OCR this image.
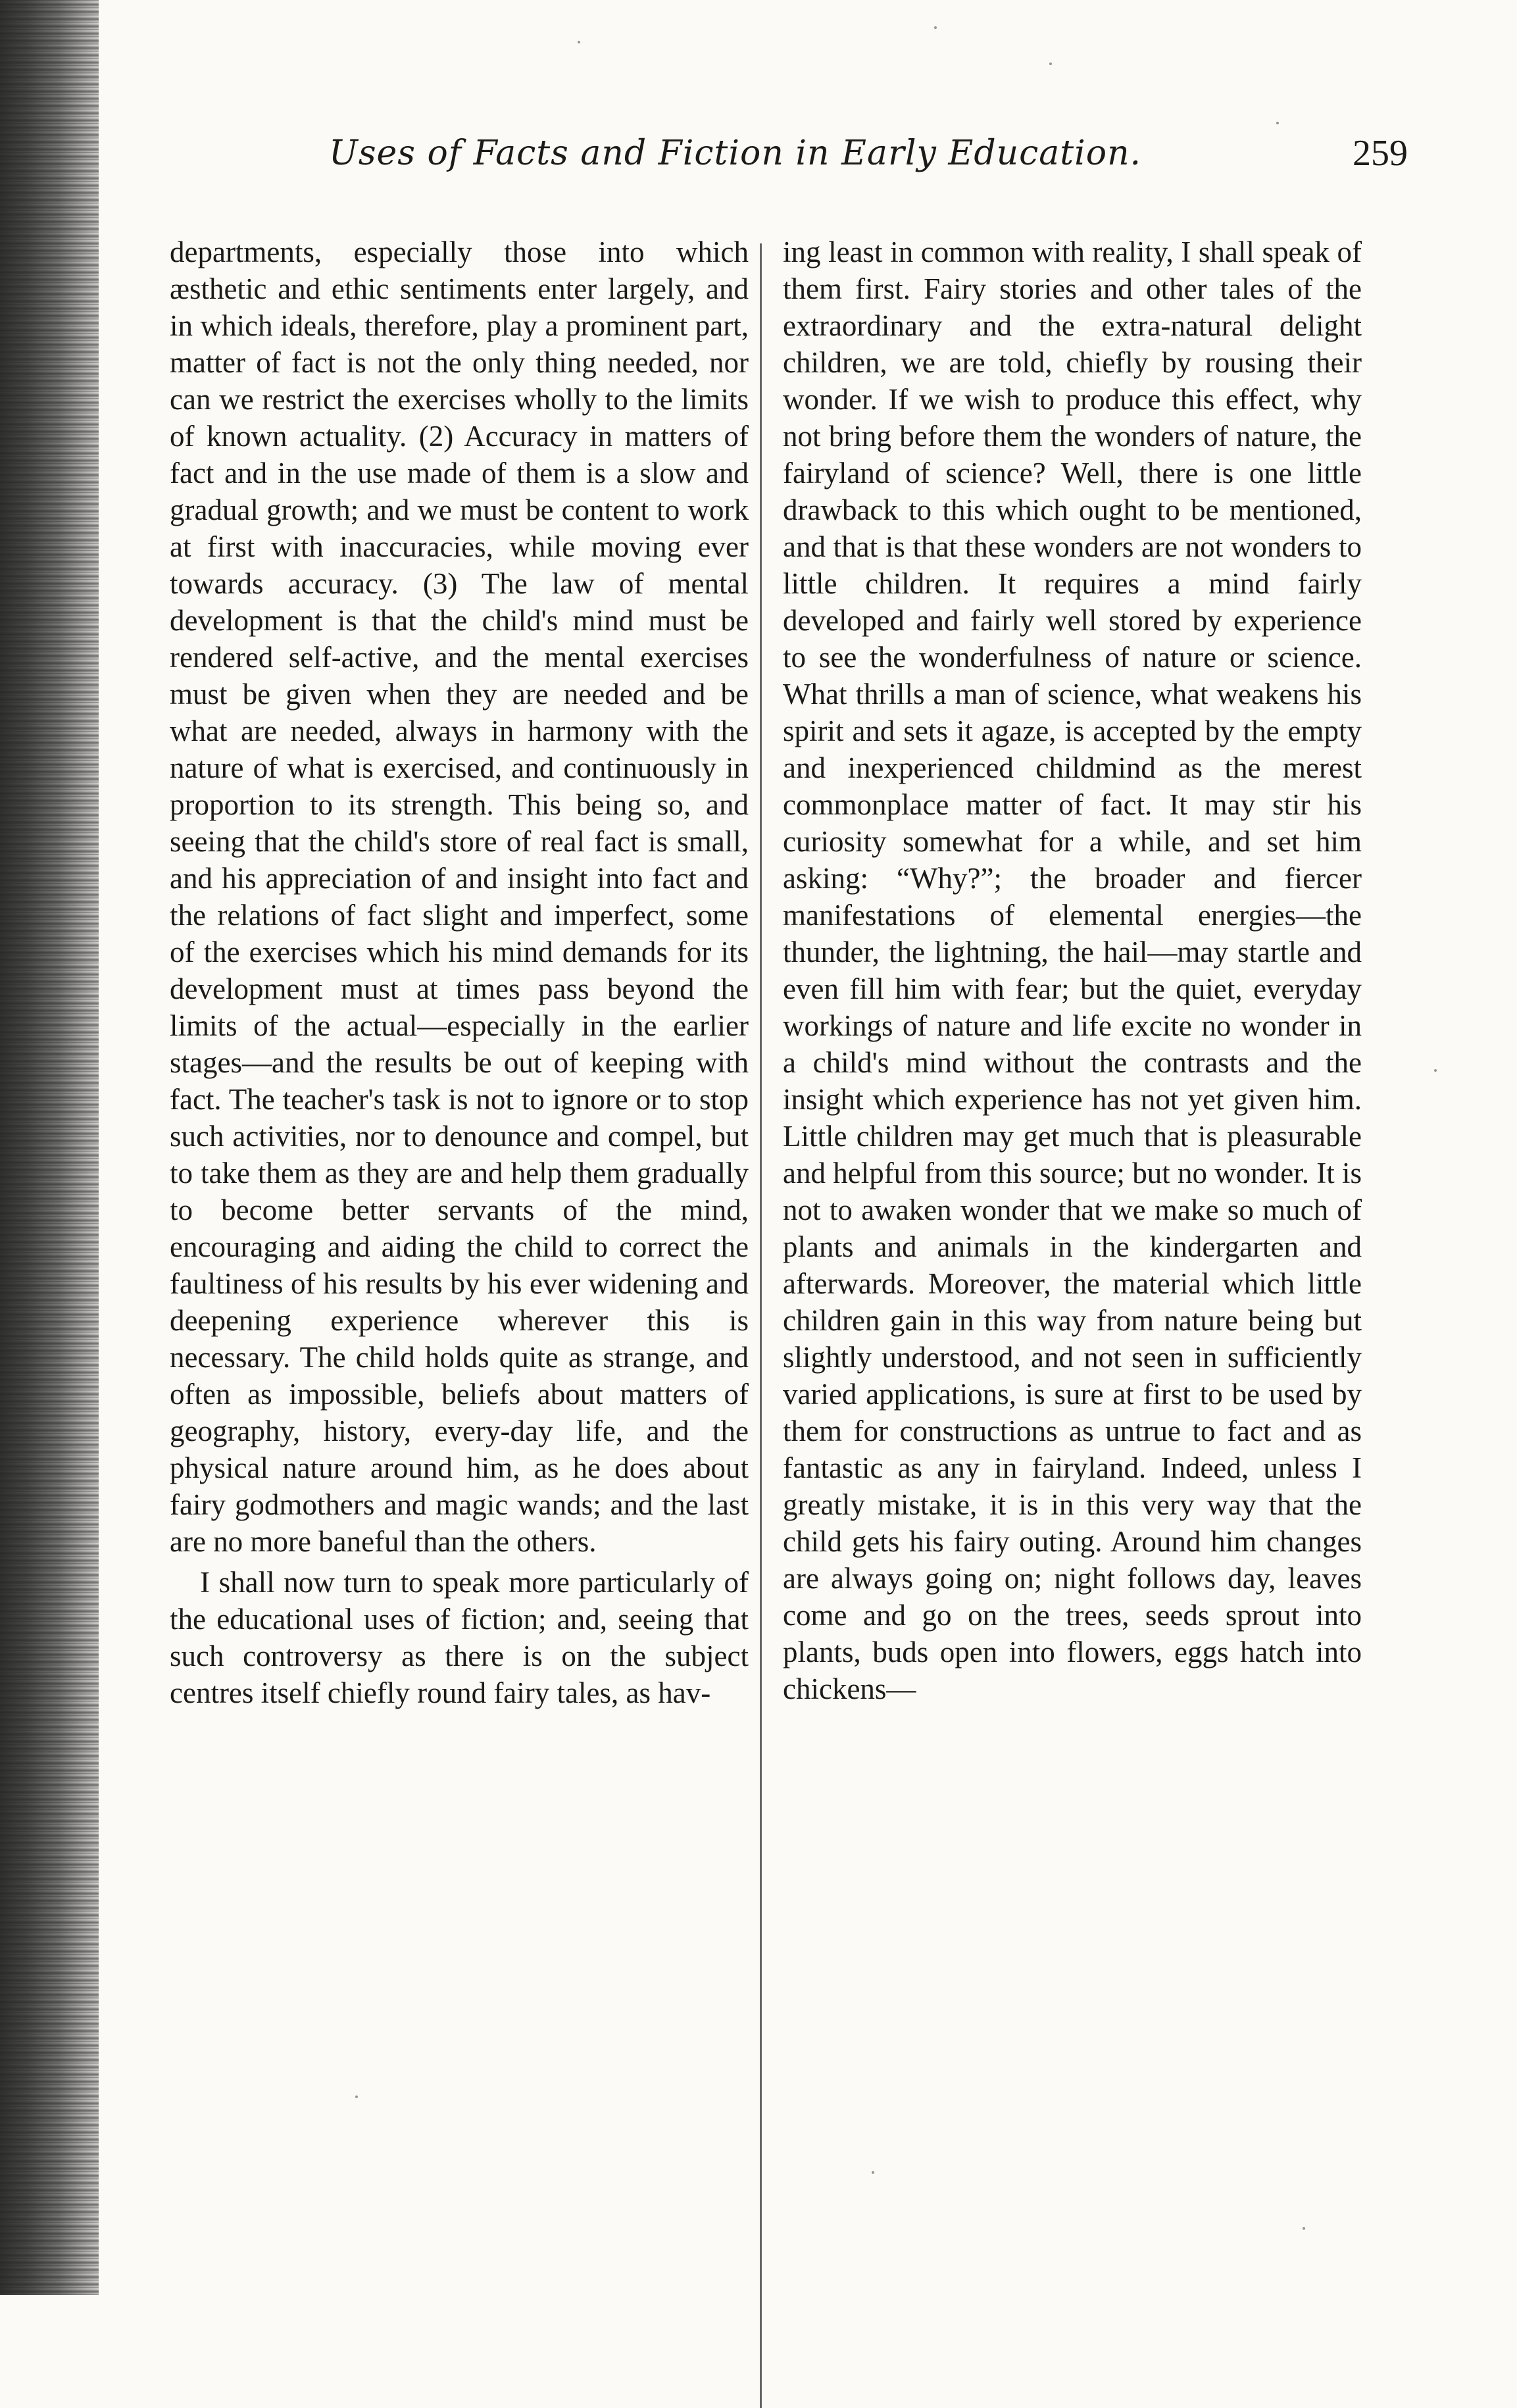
Uses of Facts and Fiction in Early Education.	259

departments, especially those into which æsthetic and ethic sentiments enter largely, and in which ideals, therefore, play a prominent part, matter of fact is not the only thing needed, nor can we restrict the exercises wholly to the limits of known actuality. (2) Accuracy in matters of fact and in the use made of them is a slow and gradual growth; and we must be content to work at first with inaccuracies, while moving ever towards accuracy. (3) The law of mental development is that the child's mind must be rendered self-active, and the mental exercises must be given when they are needed and be what are needed, always in harmony with the nature of what is exercised, and continuously in proportion to its strength. This being so, and seeing that the child's store of real fact is small, and his appreciation of and insight into fact and the relations of fact slight and imperfect, some of the exercises which his mind demands for its development must at times pass beyond the limits of the actual—especially in the earlier stages—and the results be out of keeping with fact. The teacher's task is not to ignore or to stop such activities, nor to denounce and compel, but to take them as they are and help them gradually to become better servants of the mind, encouraging and aiding the child to correct the faultiness of his results by his ever widening and deepening experience wherever this is necessary. The child holds quite as strange, and often as impossible, beliefs about matters of geography, history, every-day life, and the physical nature around him, as he does about fairy godmothers and magic wands; and the last are no more baneful than the others.

I shall now turn to speak more particularly of the educational uses of fiction; and, seeing that such controversy as there is on the subject centres itself chiefly round fairy tales, as hav-

ing least in common with reality, I shall speak of them first. Fairy stories and other tales of the extraordinary and the extra-natural delight children, we are told, chiefly by rousing their wonder. If we wish to produce this effect, why not bring before them the wonders of nature, the fairyland of science? Well, there is one little drawback to this which ought to be mentioned, and that is that these wonders are not wonders to little children. It requires a mind fairly developed and fairly well stored by experience to see the wonderfulness of nature or science. What thrills a man of science, what weakens his spirit and sets it agaze, is accepted by the empty and inexperienced childmind as the merest commonplace matter of fact. It may stir his curiosity somewhat for a while, and set him asking: “Why?”; the broader and fiercer manifestations of elemental energies—the thunder, the lightning, the hail—may startle and even fill him with fear; but the quiet, everyday workings of nature and life excite no wonder in a child's mind without the contrasts and the insight which experience has not yet given him. Little children may get much that is pleasurable and helpful from this source; but no wonder. It is not to awaken wonder that we make so much of plants and animals in the kindergarten and afterwards. Moreover, the material which little children gain in this way from nature being but slightly understood, and not seen in sufficiently varied applications, is sure at first to be used by them for constructions as untrue to fact and as fantastic as any in fairyland. Indeed, unless I greatly mistake, it is in this very way that the child gets his fairy outing. Around him changes are always going on; night follows day, leaves come and go on the trees, seeds sprout into plants, buds open into flowers, eggs hatch into chickens—
